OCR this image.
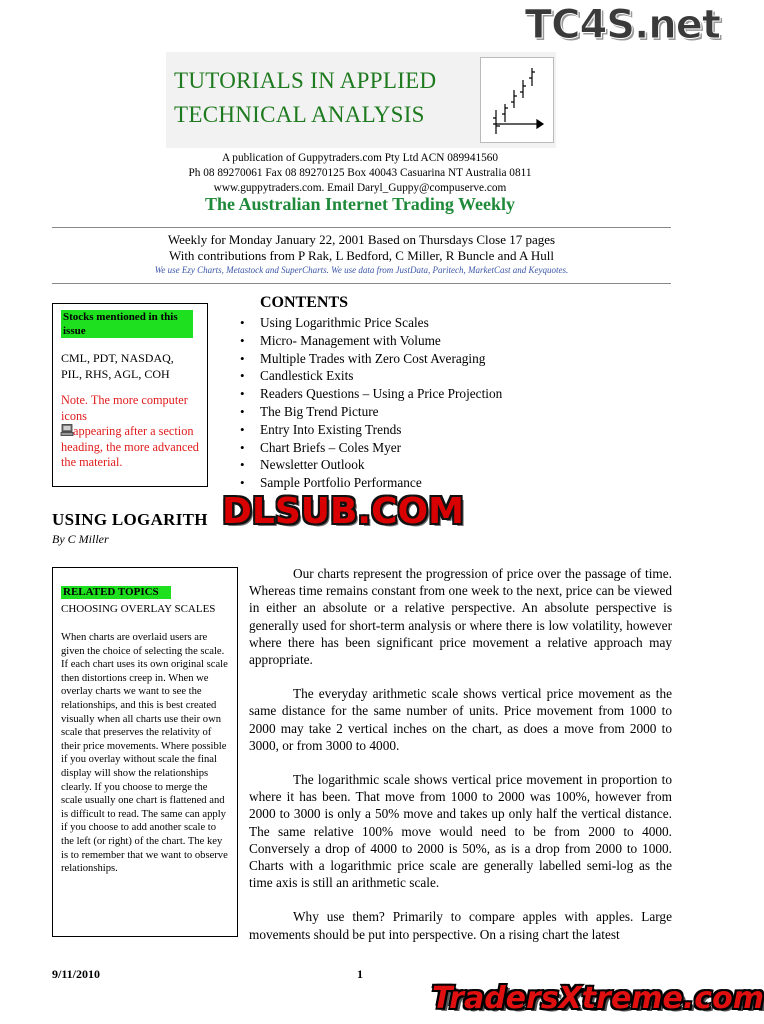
TC4S.net
TUTORIALS IN APPLIED
TECHNICAL ANALYSIS
A publication of Guppytraders.com Pty Ltd ACN 089941560
Ph 08 89270061 Fax 08 89270125 Box 40043 Casuarina NT Australia 0811
www.guppytraders.com. Email Daryl_Guppy@compuserve.com
The Australian Internet Trading Weekly
Weekly for Monday January 22, 2001 Based on Thursdays Close 17 pages
With contributions from P Rak, L Bedford, C Miller, R Buncle and A Hull
We use Ezy Charts, Metastock and SuperCharts. We use data from JustData, Paritech, MarketCast and Keyquotes.
Stocks mentioned in this issue
CML, PDT, NASDAQ,
PIL, RHS, AGL, COH
Note. The more computer icons
appearing after a section heading, the more advanced the material.
CONTENTS
• Using Logarithmic Price Scales
• Micro- Management with Volume
• Multiple Trades with Zero Cost Averaging
• Candlestick Exits
• Readers Questions – Using a Price Projection
• The Big Trend Picture
• Entry Into Existing Trends
• Chart Briefs – Coles Myer
• Newsletter Outlook
• Sample Portfolio Performance
USING LOGARITH
By C Miller
DLSUB.COM
RELATED TOPICS
CHOOSING OVERLAY SCALES
When charts are overlaid users are given the choice of selecting the scale. If each chart uses its own original scale then distortions creep in. When we overlay charts we want to see the relationships, and this is best created visually when all charts use their own scale that preserves the relativity of their price movements. Where possible if you overlay without scale the final display will show the relationships clearly. If you choose to merge the scale usually one chart is flattened and is difficult to read. The same can apply if you choose to add another scale to the left (or right) of the chart. The key is to remember that we want to observe relationships.

Our charts represent the progression of price over the passage of time. Whereas time remains constant from one week to the next, price can be viewed in either an absolute or a relative perspective. An absolute perspective is generally used for short-term analysis or where there is low volatility, however where there has been significant price movement a relative approach may appropriate.

The everyday arithmetic scale shows vertical price movement as the same distance for the same number of units. Price movement from 1000 to 2000 may take 2 vertical inches on the chart, as does a move from 2000 to 3000, or from 3000 to 4000.

The logarithmic scale shows vertical price movement in proportion to where it has been. That move from 1000 to 2000 was 100%, however from 2000 to 3000 is only a 50% move and takes up only half the vertical distance. The same relative 100% move would need to be from 2000 to 4000. Conversely a drop of 4000 to 2000 is 50%, as is a drop from 2000 to 1000. Charts with a logarithmic price scale are generally labelled semi-log as the time axis is still an arithmetic scale.

Why use them? Primarily to compare apples with apples. Large movements should be put into perspective. On a rising chart the latest

9/11/2010	1
TradersXtreme.com
